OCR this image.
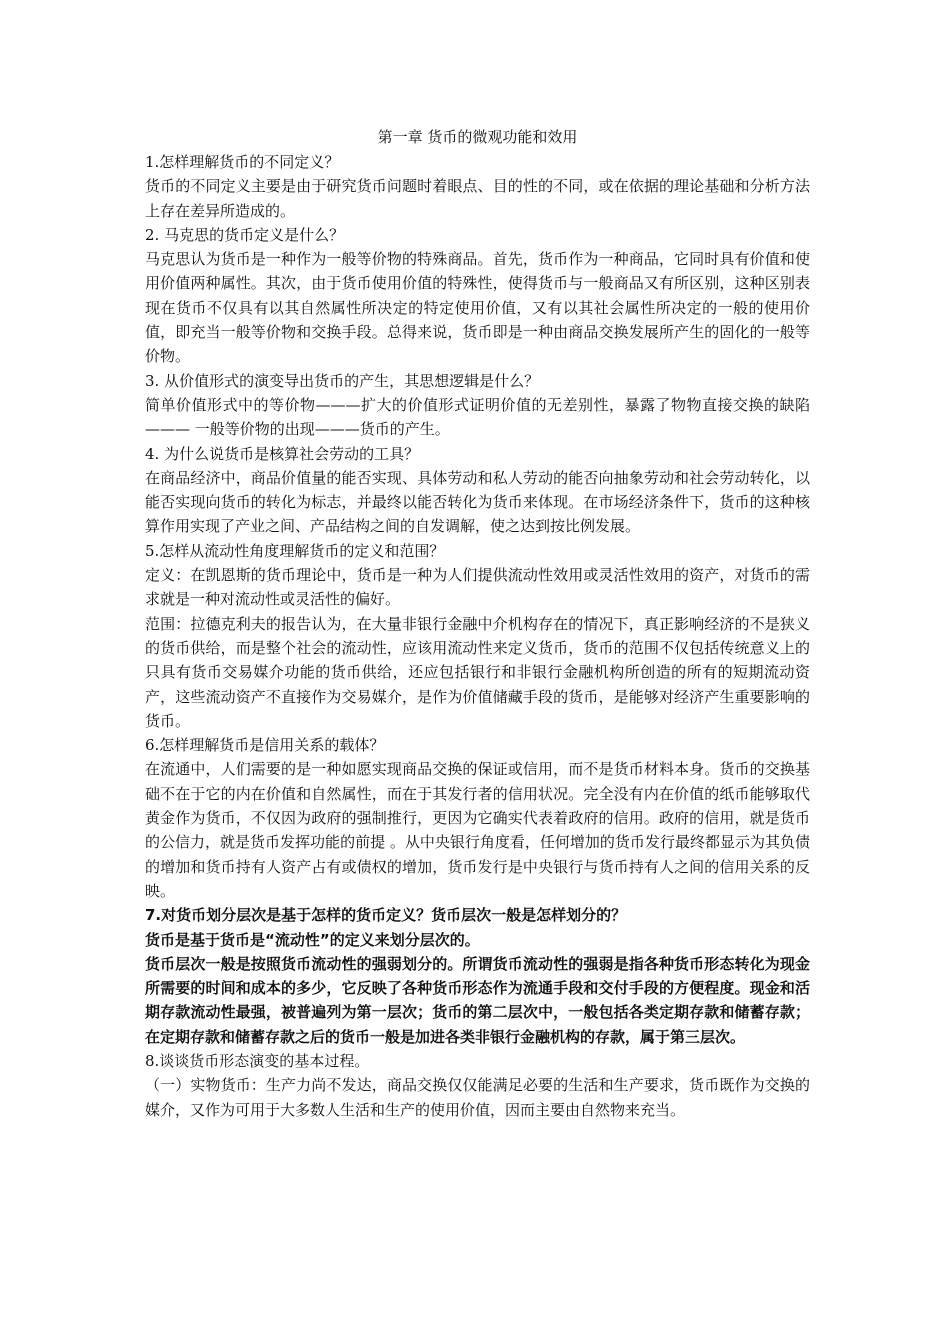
第一章 货币的微观功能和效用

1.怎样理解货币的不同定义？

货币的不同定义主要是由于研究货币问题时着眼点、目的性的不同，或在依据的理论基础和分析方法上存在差异所造成的。

2. 马克思的货币定义是什么？

马克思认为货币是一种作为一般等价物的特殊商品。首先，货币作为一种商品，它同时具有价值和使用价值两种属性。其次，由于货币使用价值的特殊性，使得货币与一般商品又有所区别，这种区别表现在货币不仅具有以其自然属性所决定的特定使用价值，又有以其社会属性所决定的一般的使用价值，即充当一般等价物和交换手段。总得来说，货币即是一种由商品交换发展所产生的固化的一般等价物。

3. 从价值形式的演变导出货币的产生，其思想逻辑是什么？

简单价值形式中的等价物———扩大的价值形式证明价值的无差别性，暴露了物物直接交换的缺陷——— 一般等价物的出现———货币的产生。

4. 为什么说货币是核算社会劳动的工具？

在商品经济中，商品价值量的能否实现、具体劳动和私人劳动的能否向抽象劳动和社会劳动转化，以能否实现向货币的转化为标志，并最终以能否转化为货币来体现。在市场经济条件下，货币的这种核算作用实现了产业之间、产品结构之间的自发调解，使之达到按比例发展。

5.怎样从流动性角度理解货币的定义和范围？

定义：在凯恩斯的货币理论中，货币是一种为人们提供流动性效用或灵活性效用的资产，对货币的需求就是一种对流动性或灵活性的偏好。

范围：拉德克利夫的报告认为，在大量非银行金融中介机构存在的情况下，真正影响经济的不是狭义的货币供给，而是整个社会的流动性，应该用流动性来定义货币，货币的范围不仅包括传统意义上的只具有货币交易媒介功能的货币供给，还应包括银行和非银行金融机构所创造的所有的短期流动资产，这些流动资产不直接作为交易媒介，是作为价值储藏手段的货币，是能够对经济产生重要影响的货币。

6.怎样理解货币是信用关系的载体？

在流通中，人们需要的是一种如愿实现商品交换的保证或信用，而不是货币材料本身。货币的交换基础不在于它的内在价值和自然属性，而在于其发行者的信用状况。完全没有内在价值的纸币能够取代黄金作为货币，不仅因为政府的强制推行，更因为它确实代表着政府的信用。政府的信用，就是货币的公信力，就是货币发挥功能的前提 。从中央银行角度看，任何增加的货币发行最终都显示为其负债的增加和货币持有人资产占有或债权的增加，货币发行是中央银行与货币持有人之间的信用关系的反映。

7.对货币划分层次是基于怎样的货币定义？货币层次一般是怎样划分的？

货币是基于货币是“流动性”的定义来划分层次的。

货币层次一般是按照货币流动性的强弱划分的。所谓货币流动性的强弱是指各种货币形态转化为现金所需要的时间和成本的多少，它反映了各种货币形态作为流通手段和交付手段的方便程度。现金和活期存款流动性最强，被普遍列为第一层次；货币的第二层次中，一般包括各类定期存款和储蓄存款；在定期存款和储蓄存款之后的货币一般是加进各类非银行金融机构的存款，属于第三层次。

8.谈谈货币形态演变的基本过程。

（一）实物货币：生产力尚不发达，商品交换仅仅能满足必要的生活和生产要求，货币既作为交换的媒介，又作为可用于大多数人生活和生产的使用价值，因而主要由自然物来充当。
